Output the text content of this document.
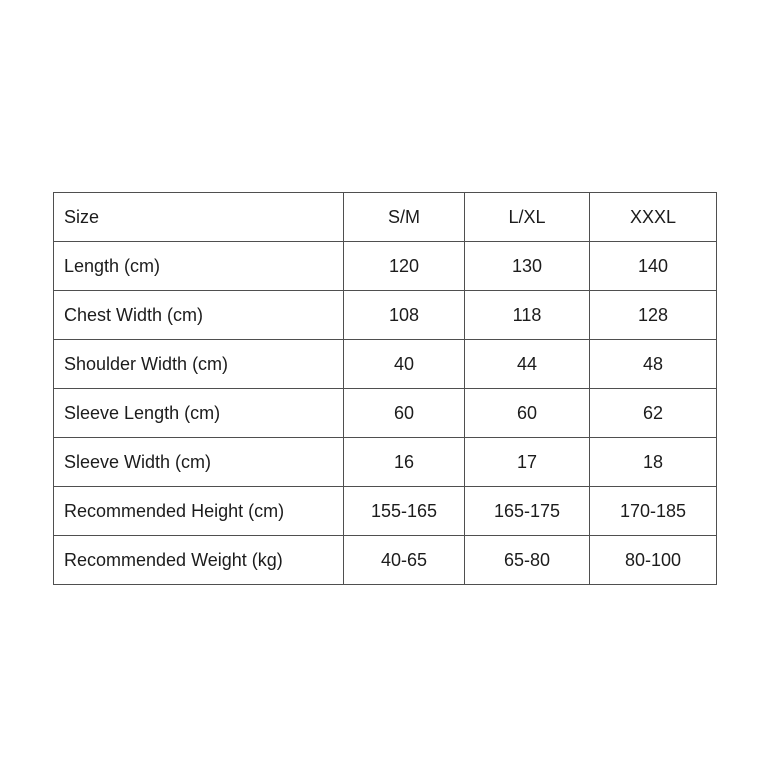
Size	S/M	L/XL	XXXL
Length (cm)	120	130	140
Chest Width (cm)	108	118	128
Shoulder Width (cm)	40	44	48
Sleeve Length (cm)	60	60	62
Sleeve Width (cm)	16	17	18
Recommended Height (cm)	155-165	165-175	170-185
Recommended Weight (kg)	40-65	65-80	80-100
